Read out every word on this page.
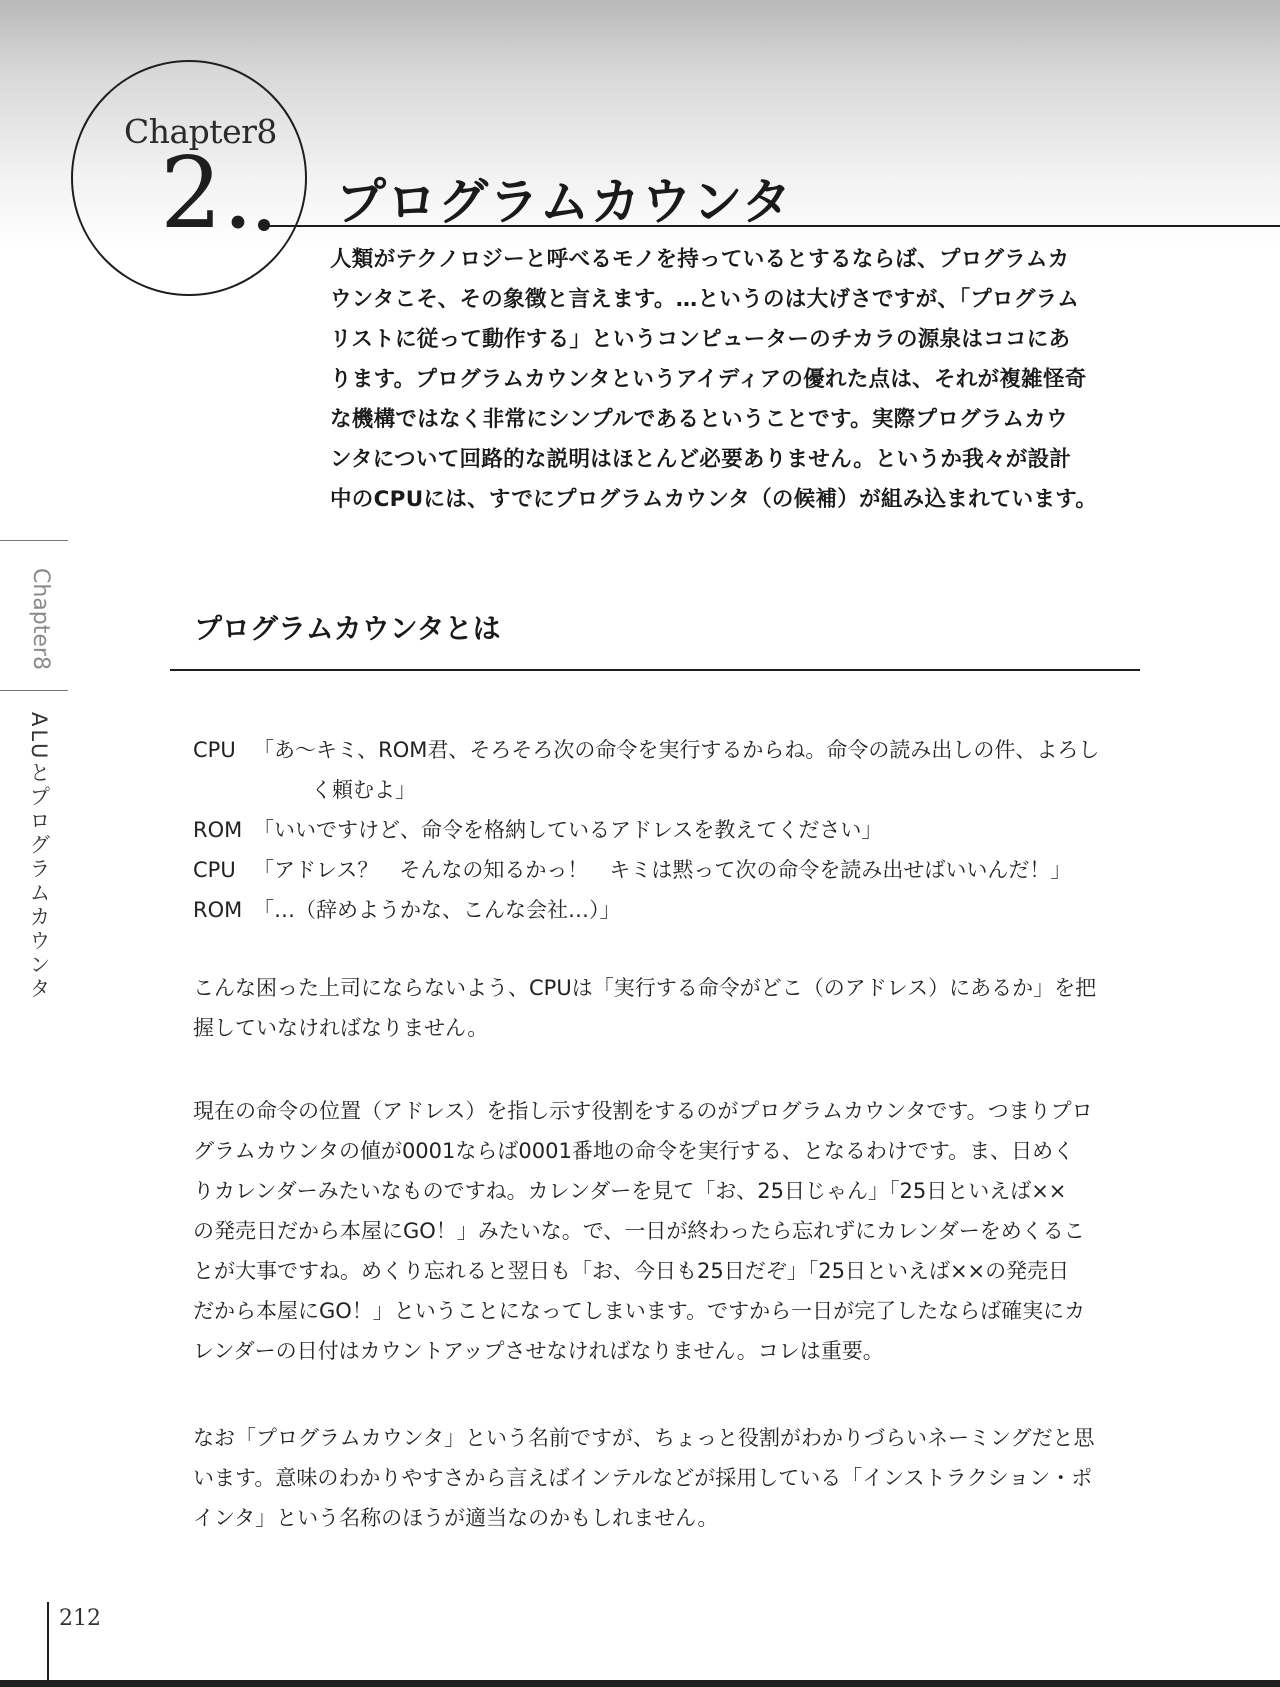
Chapter8
2. プログラムカウンタ

人類がテクノロジーと呼べるモノを持っているとするならば、プログラムカ

ウンタこそ、その象徴と言えます。…というのは大げさですが、「プログラム

リストに従って動作する」というコンピューターのチカラの源泉はココにあ

ります。プログラムカウンタというアイディアの優れた点は、それが複雑怪奇

な機構ではなく非常にシンプルであるということです。実際プログラムカウ

ンタについて回路的な説明はほとんど必要ありません。というか我々が設計

中のCPUには、すでにプログラムカウンタ（の候補）が組み込まれています。

Chapter8
ALUとプログラムカウンタ
プログラムカウンタとは
CPU 「あ～キミ、ROM君、そろそろ次の命令を実行するからね。命令の読み出しの件、よろし
く頼むよ」
ROM 「いいですけど、命令を格納しているアドレスを教えてください」
CPU 「アドレス？　そんなの知るかっ！　キミは黙って次の命令を読み出せばいいんだ！」
ROM 「…（辞めようかな、こんな会社…）」

こんな困った上司にならないよう、CPUは「実行する命令がどこ（のアドレス）にあるか」を把

握していなければなりません。

現在の命令の位置（アドレス）を指し示す役割をするのがプログラムカウンタです。つまりプロ

グラムカウンタの値が0001ならば0001番地の命令を実行する、となるわけです。ま、日めく

りカレンダーみたいなものですね。カレンダーを見て「お、25日じゃん」「25日といえば××

の発売日だから本屋にGO！」みたいな。で、一日が終わったら忘れずにカレンダーをめくるこ

とが大事ですね。めくり忘れると翌日も「お、今日も25日だぞ」「25日といえば××の発売日

だから本屋にGO！」ということになってしまいます。ですから一日が完了したならば確実にカ

レンダーの日付はカウントアップさせなければなりません。コレは重要。

なお「プログラムカウンタ」という名前ですが、ちょっと役割がわかりづらいネーミングだと思

います。意味のわかりやすさから言えばインテルなどが採用している「インストラクション・ポ

インタ」という名称のほうが適当なのかもしれません。

212
